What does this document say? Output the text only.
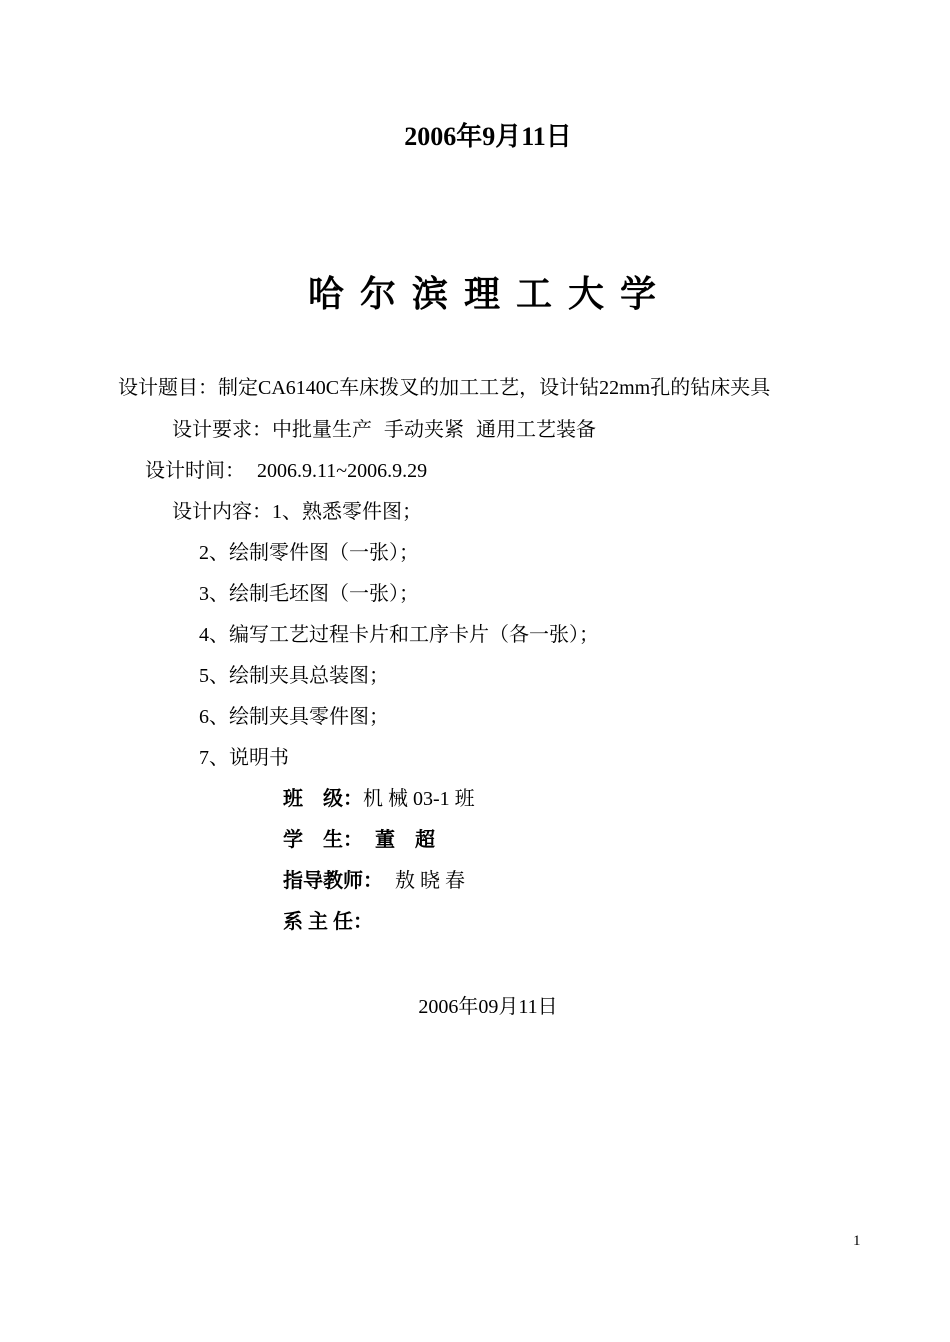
2006年9月11日
哈尔滨理工大学
设计题目：制定CA6140C车床拨叉的加工工艺，设计钻22mm孔的钻床夹具
设计要求：中批量生产 手动夹紧 通用工艺装备
设计时间： 2006.9.11~2006.9.29
设计内容：1、熟悉零件图；
2、绘制零件图（一张）；
3、绘制毛坯图（一张）；
4、编写工艺过程卡片和工序卡片（各一张）；
5、绘制夹具总装图；
6、绘制夹具零件图；
7、说明书
班　级：机 械 03-1 班
学　生： 董　超
指导教师： 敖 晓 春
系 主 任：
2006年09月11日
1
